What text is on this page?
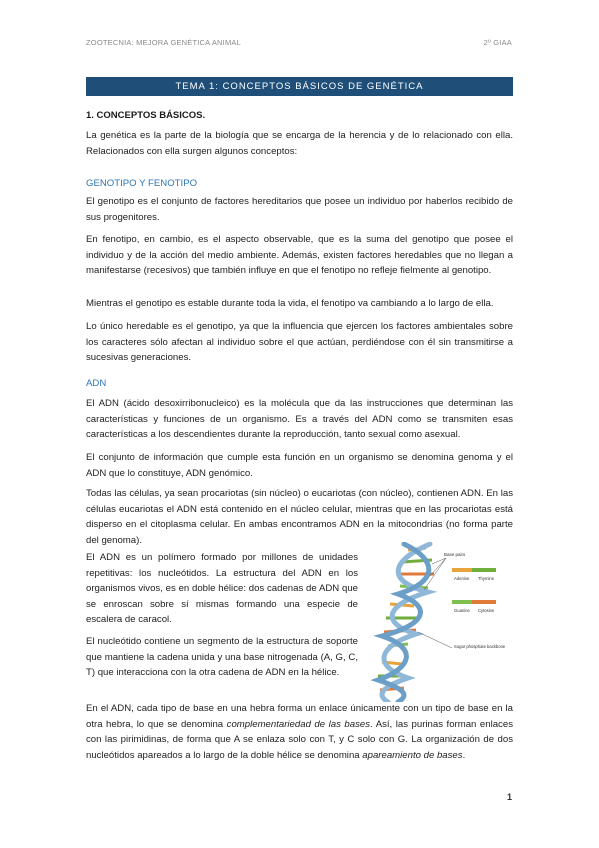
ZOOTECNIA: MEJORA GENÉTICA ANIMAL	2º GIAA
TEMA 1: CONCEPTOS BÁSICOS DE GENÉTICA
1. CONCEPTOS BÁSICOS.
La genética es la parte de la biología que se encarga de la herencia y de lo relacionado con ella. Relacionados con ella surgen algunos conceptos:
GENOTIPO Y FENOTIPO
El genotipo es el conjunto de factores hereditarios que posee un individuo por haberlos recibido de sus progenitores.
En fenotipo, en cambio, es el aspecto observable, que es la suma del genotipo que posee el individuo y de la acción del medio ambiente. Además, existen factores heredables que no llegan a manifestarse (recesivos) que también influye en que el fenotipo no refleje fielmente al genotipo.
Mientras el genotipo es estable durante toda la vida, el fenotipo va cambiando a lo largo de ella.
Lo único heredable es el genotipo, ya que la influencia que ejercen los factores ambientales sobre los caracteres sólo afectan al individuo sobre el que actúan, perdiéndose con él sin transmitirse a sucesivas generaciones.
ADN
El ADN (ácido desoxirribonucleico) es la molécula que da las instrucciones que determinan las características y funciones de un organismo. Es a través del ADN como se transmiten esas características a los descendientes durante la reproducción, tanto sexual como asexual.
El conjunto de información que cumple esta función en un organismo se denomina genoma y el ADN que lo constituye, ADN genómico.
Todas las células, ya sean procariotas (sin núcleo) o eucariotas (con núcleo), contienen ADN. En las células eucariotas el ADN está contenido en el núcleo celular, mientras que en las procariotas está disperso en el citoplasma celular. En ambas encontramos ADN en la mitocondrias (no forma parte del genoma).
El ADN es un polímero formado por millones de unidades repetitivas: los nucleótidos. La estructura del ADN en los organismos vivos, es en doble hélice: dos cadenas de ADN que se enroscan sobre sí mismas formando una especie de escalera de caracol.
El nucleótido contiene un segmento de la estructura de soporte que mantiene la cadena unida y una base nitrogenada (A, G, C, T) que interacciona con la otra cadena de ADN en la hélice.
En el ADN, cada tipo de base en una hebra forma un enlace únicamente con un tipo de base en la otra hebra, lo que se denomina complementariedad de las bases. Así, las purinas forman enlaces con las pirimidinas, de forma que A se enlaza solo con T, y C solo con G. La organización de dos nucleótidos apareados a lo largo de la doble hélice se denomina apareamiento de bases.
Base pairs
Adenine Thymine
Guanine Cytosine
Sugar phosphate backbone
1
